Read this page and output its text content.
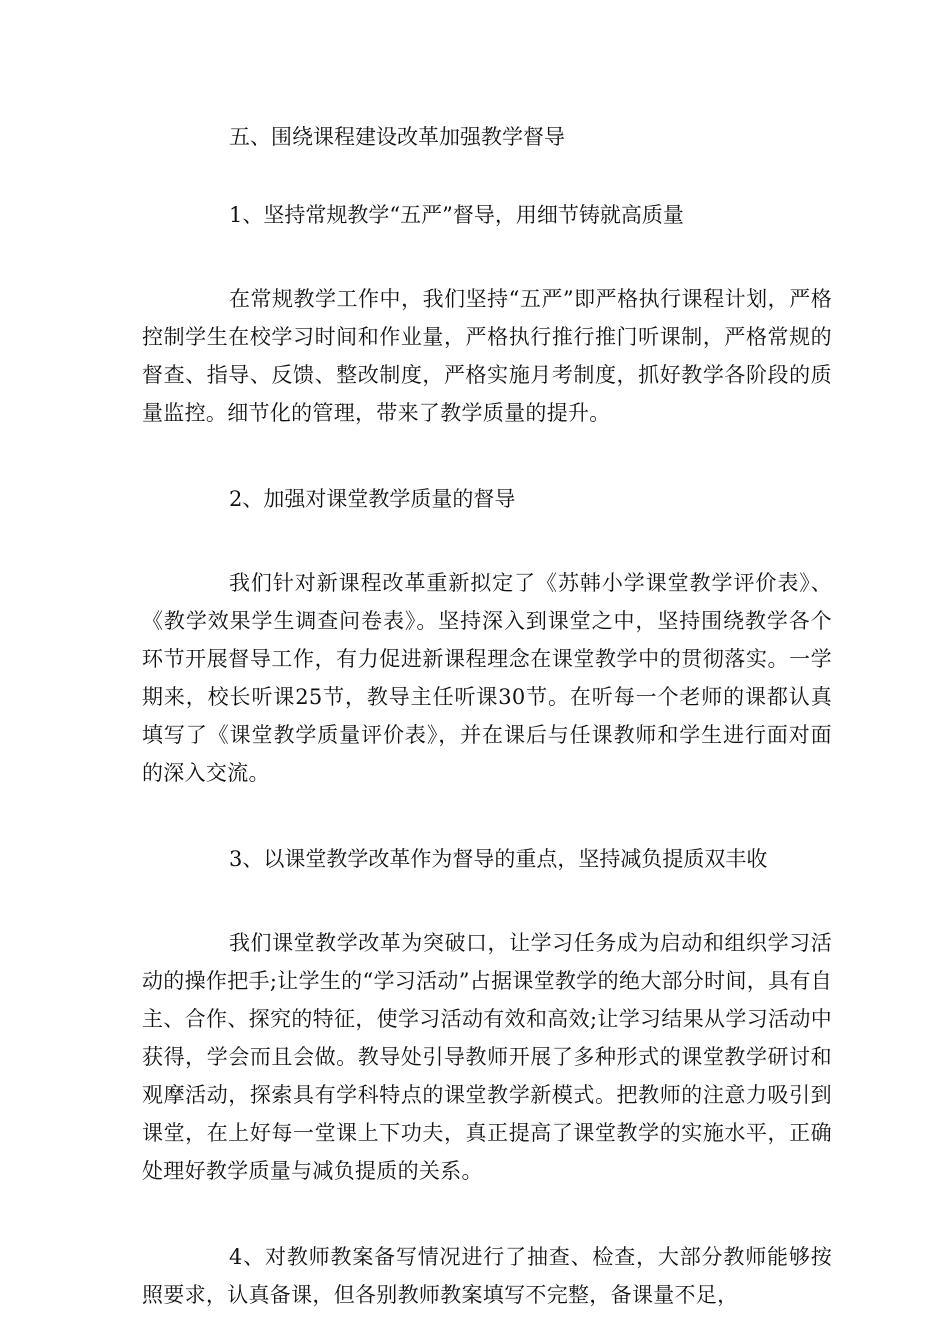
五、围绕课程建设改革加强教学督导

1、坚持常规教学“五严”督导，用细节铸就高质量

在常规教学工作中，我们坚持“五严”即严格执行课程计划，严格控制学生在校学习时间和作业量，严格执行推行推门听课制，严格常规的督查、指导、反馈、整改制度，严格实施月考制度，抓好教学各阶段的质量监控。细节化的管理，带来了教学质量的提升。

2、加强对课堂教学质量的督导

我们针对新课程改革重新拟定了《苏韩小学课堂教学评价表》、《教学效果学生调查问卷表》。坚持深入到课堂之中，坚持围绕教学各个环节开展督导工作，有力促进新课程理念在课堂教学中的贯彻落实。一学期来，校长听课25节，教导主任听课30节。在听每一个老师的课都认真填写了《课堂教学质量评价表》，并在课后与任课教师和学生进行面对面的深入交流。

3、以课堂教学改革作为督导的重点，坚持减负提质双丰收

我们课堂教学改革为突破口，让学习任务成为启动和组织学习活动的操作把手;让学生的“学习活动”占据课堂教学的绝大部分时间，具有自主、合作、探究的特征，使学习活动有效和高效;让学习结果从学习活动中获得，学会而且会做。教导处引导教师开展了多种形式的课堂教学研讨和观摩活动，探索具有学科特点的课堂教学新模式。把教师的注意力吸引到课堂，在上好每一堂课上下功夫，真正提高了课堂教学的实施水平，正确处理好教学质量与减负提质的关系。

4、对教师教案备写情况进行了抽查、检查，大部分教师能够按照要求，认真备课，但各别教师教案填写不完整，备课量不足，
